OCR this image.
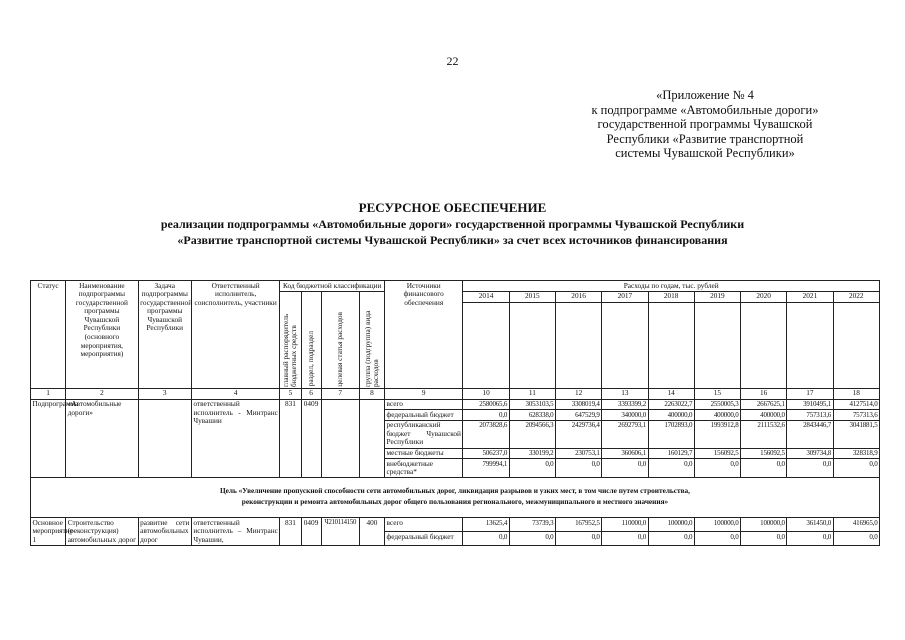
22
«Приложение № 4
к подпрограмме «Автомобильные дороги»
государственной программы Чувашской
Республики «Развитие транспортной
системы Чувашской Республики»
РЕСУРСНОЕ ОБЕСПЕЧЕНИЕ
реализации подпрограммы «Автомобильные дороги» государственной программы Чувашской Республики
«Развитие транспортной системы Чувашской Республики» за счет всех источников финансирования
Статус	Наименование подпрограммы государственной программы Чувашской Республики (основного мероприятия, мероприятия)	Задача подпрограммы государственной программы Чувашской Республики	Ответственный исполнитель, соисполнитель, участники	Код бюджетной классификации				Источники финансового обеспечения	Расходы по годам, тыс. рублей								

				главный распорядитель бюджетных средств	раздел, подраздел	целевая статья расходов	группа (подгруппа) вида расходов		2014	2015	2016	2017	2018	2019	2020	2021	2022

1	2	3	4	5	6	7	8	9	10	11	12	13	14	15	16	17	18
Подпрограмма	«Автомобильные дороги»		ответственный исполнитель - Минтранс Чувашии	831	0409			всего	2580065,6	3053103,5	3308019,4	3393399,2	2263022,7	2550005,3	2667625,1	3910495,1	4127514,0
								федеральный бюджет	0,0	628338,0	647529,9	340000,0	400000,0	400000,0	400000,0	757313,6	757313,6
								республиканский бюджет Чувашской Республики	2073828,6	2094566,3	2429736,4	2692793,1	1702893,0	1993912,8	2111532,6	2843446,7	3041881,5
								местные бюджеты	506237,0	330199,2	230753,1	360606,1	160129,7	156092,5	156092,5	309734,8	328318,9
								внебюджетные средства*	799994,1	0,0	0,0	0,0	0,0	0,0	0,0	0,0	0,0

Цель «Увеличение пропускной способности сети автомобильных дорог, ликвидация разрывов и узких мест, в том числе путем строительства,
реконструкции и ремонта автомобильных дорог общего пользования регионального, межмуниципального и местного значения»																	

Основное мероприятие 1	Строительство (реконструкция) автомобильных дорог	развитие сети автомобильных дорог	ответственный исполнитель – Минтранс Чувашии,	831	0409	Ч210114150	400	всего	13625,4	73739,3	167952,5	110000,0	100000,0	100000,0	100000,0	361450,0	416965,0
								федеральный бюджет	0,0	0,0	0,0	0,0	0,0	0,0	0,0	0,0	0,0
